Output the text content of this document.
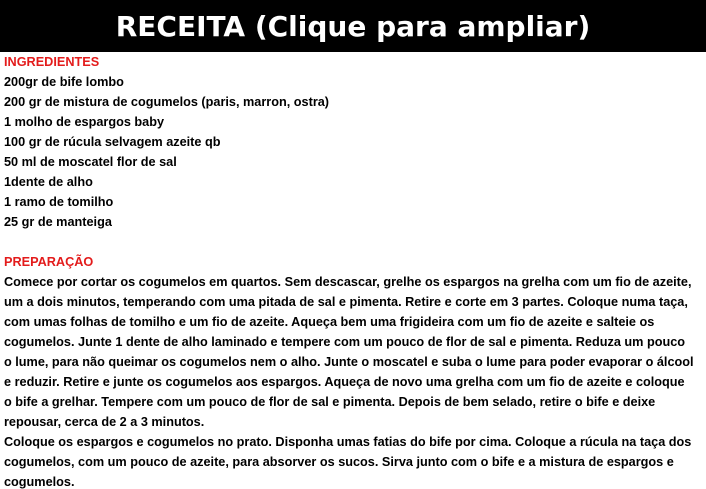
RECEITA (Clique para ampliar)
INGREDIENTES
200gr de bife lombo
200 gr de mistura de cogumelos (paris, marron, ostra)
1 molho de espargos baby
100 gr de rúcula selvagem azeite qb
50 ml de moscatel flor de sal
1dente de alho
1 ramo de tomilho
25 gr de manteiga
PREPARAÇÃO
Comece por cortar os cogumelos em quartos. Sem descascar, grelhe os espargos na grelha com um fio de azeite,
um a dois minutos, temperando com uma pitada de sal e pimenta. Retire e corte em 3 partes. Coloque numa taça,
com umas folhas de tomilho e um fio de azeite. Aqueça bem uma frigideira com um fio de azeite e salteie os
cogumelos. Junte 1 dente de alho laminado e tempere com um pouco de flor de sal e pimenta. Reduza um pouco
o lume, para não queimar os cogumelos nem o alho. Junte o moscatel e suba o lume para poder evaporar o álcool
e reduzir. Retire e junte os cogumelos aos espargos. Aqueça de novo uma grelha com um fio de azeite e coloque
o bife a grelhar. Tempere com um pouco de flor de sal e pimenta. Depois de bem selado, retire o bife e deixe
repousar, cerca de 2 a 3 minutos.
Coloque os espargos e cogumelos no prato. Disponha umas fatias do bife por cima. Coloque a rúcula na taça dos
cogumelos, com um pouco de azeite, para absorver os sucos. Sirva junto com o bife e a mistura de espargos e
cogumelos.
